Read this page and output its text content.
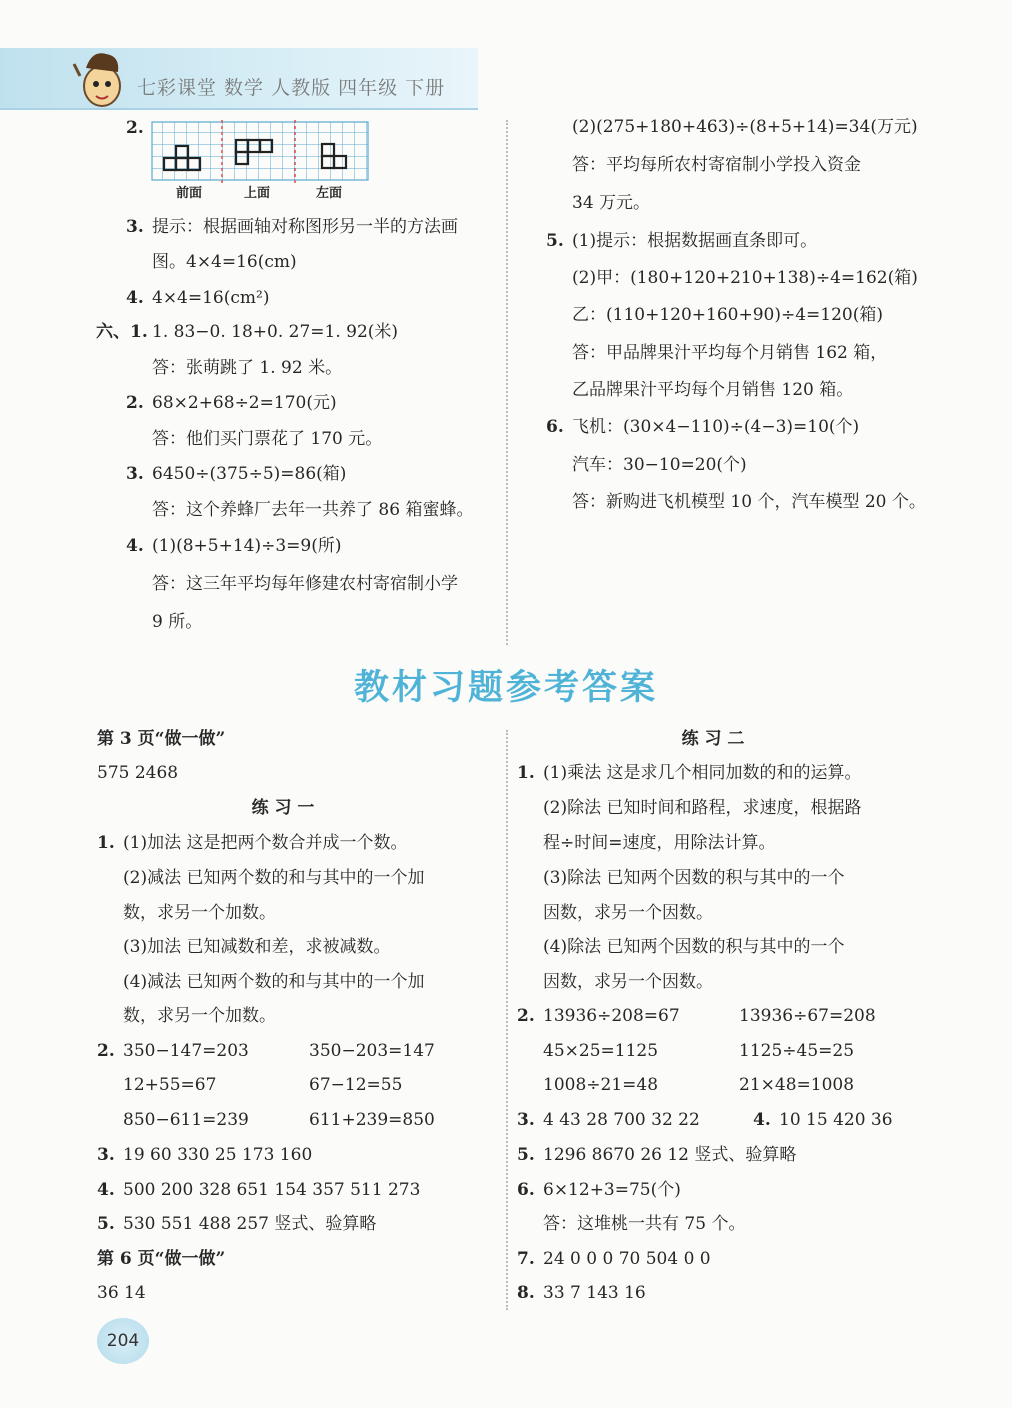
七彩课堂 数学 人教版 四年级 下册
前面	上面	左面
2.
3. 提示：根据画轴对称图形另一半的方法画
图。4×4=16(cm)
4. 4×4=16(cm²)
六、1. 1. 83−0. 18+0. 27=1. 92(米)
答：张萌跳了 1. 92 米。
2. 68×2+68÷2=170(元)
答：他们买门票花了 170 元。
3. 6450÷(375÷5)=86(箱)
答：这个养蜂厂去年一共养了 86 箱蜜蜂。
4. (1)(8+5+14)÷3=9(所)
答：这三年平均每年修建农村寄宿制小学
9 所。
(2)(275+180+463)÷(8+5+14)=34(万元)
答：平均每所农村寄宿制小学投入资金
34 万元。
5. (1)提示：根据数据画直条即可。
(2)甲：(180+120+210+138)÷4=162(箱)
乙：(110+120+160+90)÷4=120(箱)
答：甲品牌果汁平均每个月销售 162 箱，
乙品牌果汁平均每个月销售 120 箱。
6. 飞机：(30×4−110)÷(4−3)=10(个)
汽车：30−10=20(个)
答：新购进飞机模型 10 个，汽车模型 20 个。
教材习题参考答案
第 3 页“做一做”
575 2468
练 习 一
1. (1)加法 这是把两个数合并成一个数。
(2)减法 已知两个数的和与其中的一个加
数，求另一个加数。
(3)加法 已知减数和差，求被减数。
(4)减法 已知两个数的和与其中的一个加
数，求另一个加数。
2. 350−147=203	350−203=147
12+55=67	67−12=55
850−611=239	611+239=850
3. 19 60 330 25 173 160
4. 500 200 328 651 154 357 511 273
5. 530 551 488 257 竖式、验算略
第 6 页“做一做”
36 14
练 习 二
1. (1)乘法 这是求几个相同加数的和的运算。
(2)除法 已知时间和路程，求速度，根据路
程÷时间=速度，用除法计算。
(3)除法 已知两个因数的积与其中的一个
因数，求另一个因数。
(4)除法 已知两个因数的积与其中的一个
因数，求另一个因数。
2. 13936÷208=67	13936÷67=208
45×25=1125	1125÷45=25
1008÷21=48	21×48=1008
3. 4 43 28 700 32 22	4. 10 15 420 36
5. 1296 8670 26 12 竖式、验算略
6. 6×12+3=75(个)
答：这堆桃一共有 75 个。
7. 24 0 0 0 70 504 0 0
8. 33 7 143 16
204
